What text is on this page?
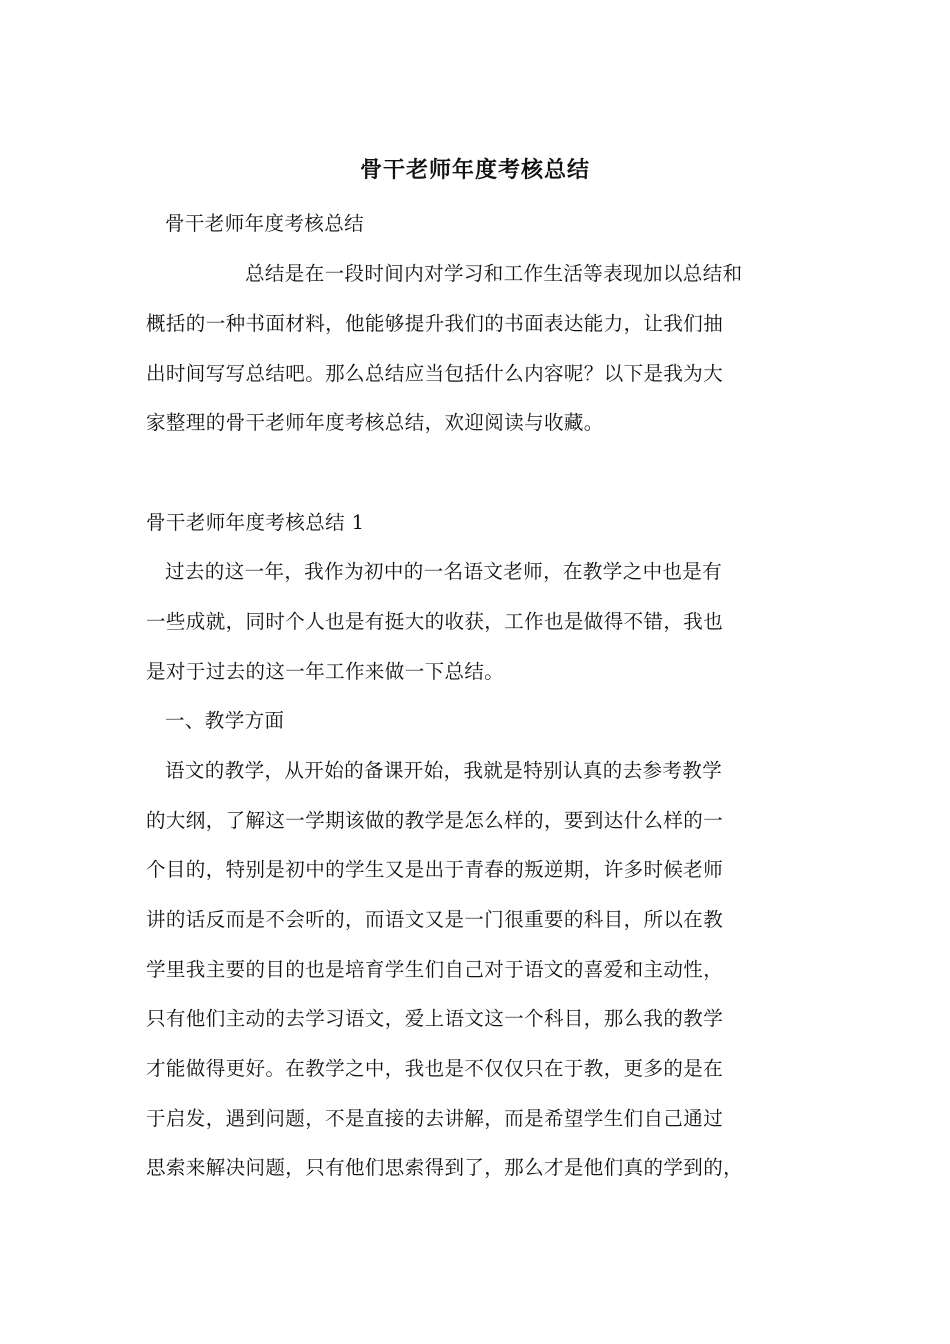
骨干老师年度考核总结
骨干老师年度考核总结
总结是在一段时间内对学习和工作生活等表现加以总结和
概括的一种书面材料，他能够提升我们的书面表达能力，让我们抽
出时间写写总结吧。那么总结应当包括什么内容呢？以下是我为大
家整理的骨干老师年度考核总结，欢迎阅读与收藏。
骨干老师年度考核总结 1
过去的这一年，我作为初中的一名语文老师，在教学之中也是有
一些成就，同时个人也是有挺大的收获，工作也是做得不错，我也
是对于过去的这一年工作来做一下总结。
一、教学方面
语文的教学，从开始的备课开始，我就是特别认真的去参考教学
的大纲，了解这一学期该做的教学是怎么样的，要到达什么样的一
个目的，特别是初中的学生又是出于青春的叛逆期，许多时候老师
讲的话反而是不会听的，而语文又是一门很重要的科目，所以在教
学里我主要的目的也是培育学生们自己对于语文的喜爱和主动性，
只有他们主动的去学习语文，爱上语文这一个科目，那么我的教学
才能做得更好。在教学之中，我也是不仅仅只在于教，更多的是在
于启发，遇到问题，不是直接的去讲解，而是希望学生们自己通过
思索来解决问题，只有他们思索得到了，那么才是他们真的学到的，
